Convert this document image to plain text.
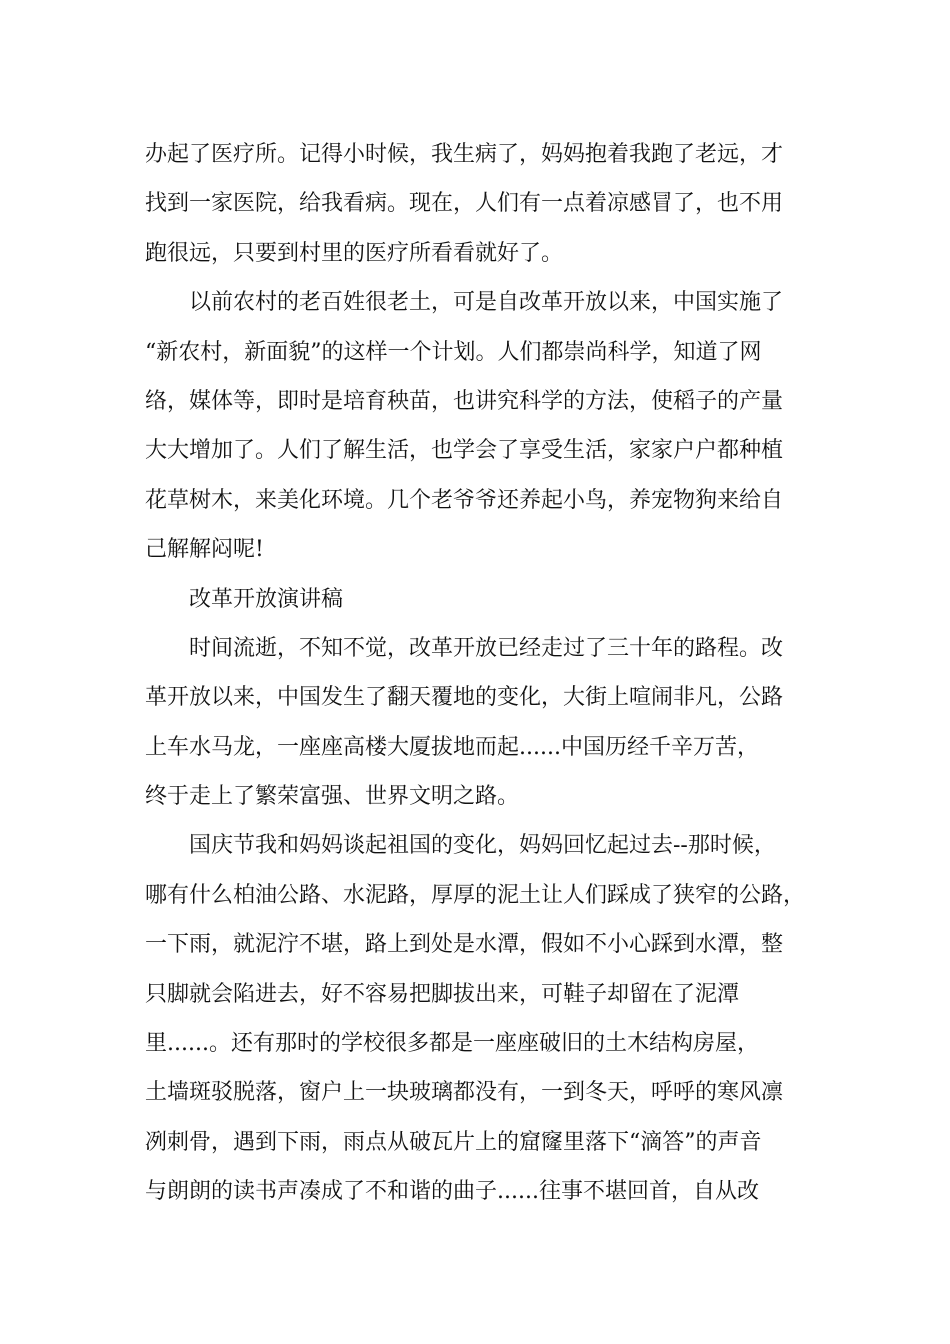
办起了医疗所。记得小时候，我生病了，妈妈抱着我跑了老远，才
找到一家医院，给我看病。现在，人们有一点着凉感冒了，也不用
跑很远，只要到村里的医疗所看看就好了。
以前农村的老百姓很老土，可是自改革开放以来，中国实施了
“新农村，新面貌”的这样一个计划。人们都崇尚科学，知道了网
络，媒体等，即时是培育秧苗，也讲究科学的方法，使稻子的产量
大大增加了。人们了解生活，也学会了享受生活，家家户户都种植
花草树木，来美化环境。几个老爷爷还养起小鸟，养宠物狗来给自
己解解闷呢!
改革开放演讲稿
时间流逝，不知不觉，改革开放已经走过了三十年的路程。改
革开放以来，中国发生了翻天覆地的变化，大街上喧闹非凡，公路
上车水马龙，一座座高楼大厦拔地而起......中国历经千辛万苦，
终于走上了繁荣富强、世界文明之路。
国庆节我和妈妈谈起祖国的变化，妈妈回忆起过去--那时候，
哪有什么柏油公路、水泥路，厚厚的泥土让人们踩成了狭窄的公路，
一下雨，就泥泞不堪，路上到处是水潭，假如不小心踩到水潭，整
只脚就会陷进去，好不容易把脚拔出来，可鞋子却留在了泥潭
里......。还有那时的学校很多都是一座座破旧的土木结构房屋，
土墙斑驳脱落，窗户上一块玻璃都没有，一到冬天，呼呼的寒风凛
冽刺骨，遇到下雨，雨点从破瓦片上的窟窿里落下“滴答”的声音
与朗朗的读书声凑成了不和谐的曲子......往事不堪回首，自从改
